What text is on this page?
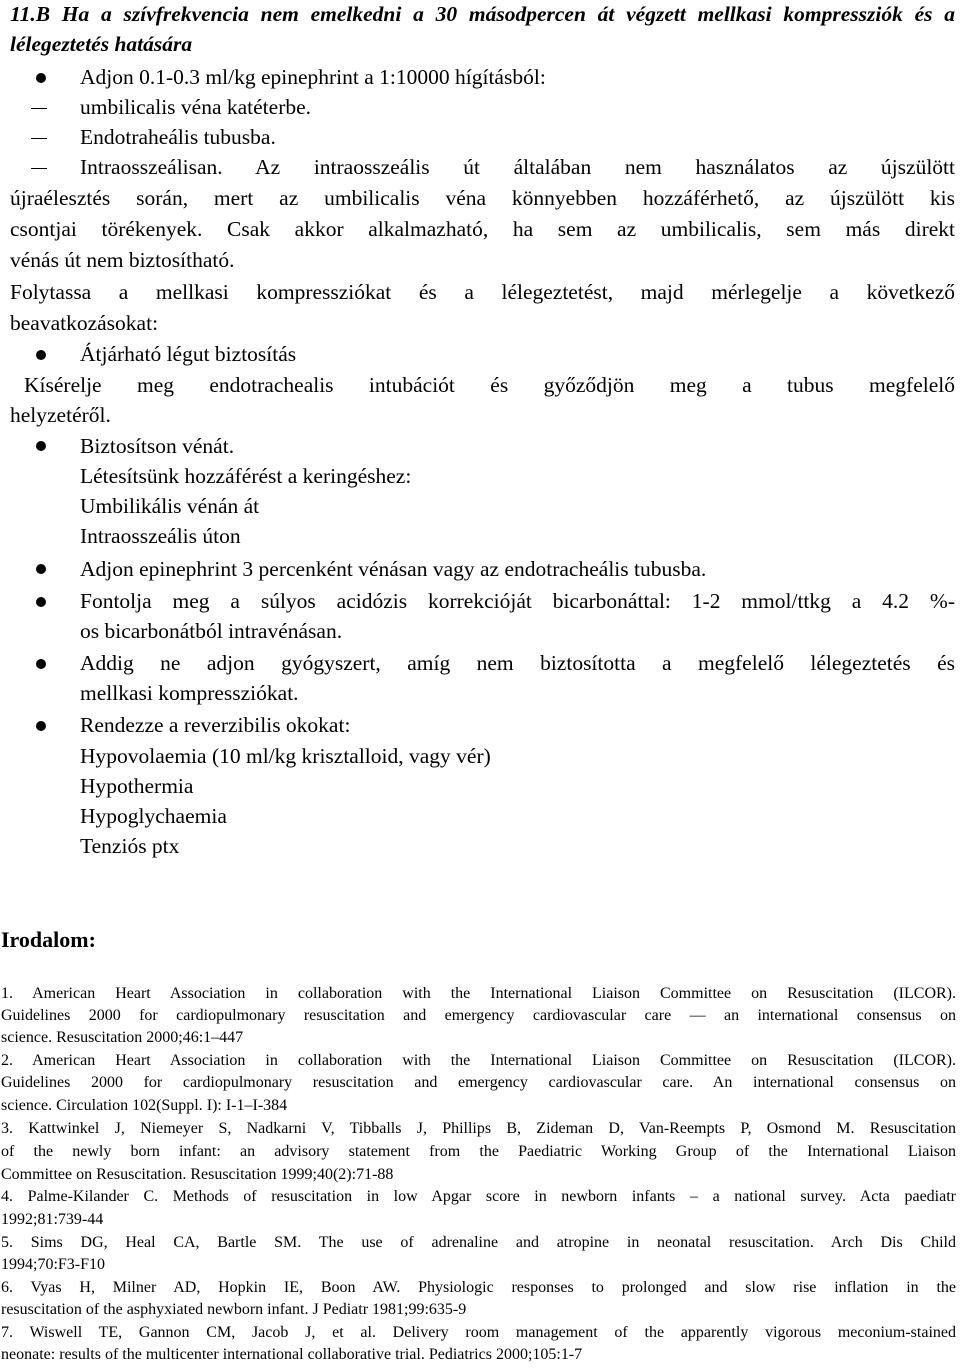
11.B Ha a szívfrekvencia nem emelkedni a 30 másodpercen át végzett mellkasi kompressziók és a lélegeztetés hatására

Adjon 0.1-0.3 ml/kg epinephrint a 1:10000 hígításból:

umbilicalis véna katéterbe.

Endotraheális tubusba.

Intraosszeálisan. Az intraosszeális út általában nem használatos az újszülött

újraélesztés során, mert az umbilicalis véna könnyebben hozzáférhető, az újszülött kis

csontjai törékenyek. Csak akkor alkalmazható, ha sem az umbilicalis, sem más direkt

vénás út nem biztosítható.

Folytassa a mellkasi kompressziókat és a lélegeztetést, majd mérlegelje a következő

beavatkozásokat:

Átjárható légut biztosítás

Kísérelje meg endotrachealis intubációt és győződjön meg a tubus megfelelő

helyzetéről.

Biztosítson vénát.

Létesítsünk hozzáférést a keringéshez:

Umbilikális vénán át

Intraosszeális úton

Adjon epinephrint 3 percenként vénásan vagy az endotracheális tubusba.

Fontolja meg a súlyos acidózis korrekcióját bicarbonáttal: 1-2 mmol/ttkg a 4.2 %-

os bicarbonátból intravénásan.

Addig ne adjon gyógyszert, amíg nem biztosította a megfelelő lélegeztetés és

mellkasi kompressziókat.

Rendezze a reverzibilis okokat:

Hypovolaemia (10 ml/kg krisztalloid, vagy vér)

Hypothermia

Hypoglychaemia

Tenziós ptx

Irodalom:

1. American Heart Association in collaboration with the International Liaison Committee on Resuscitation (ILCOR).

Guidelines 2000 for cardiopulmonary resuscitation and emergency cardiovascular care — an international consensus on

science. Resuscitation 2000;46:1–447

2. American Heart Association in collaboration with the International Liaison Committee on Resuscitation (ILCOR).

Guidelines 2000 for cardiopulmonary resuscitation and emergency cardiovascular care. An international consensus on

science. Circulation 102(Suppl. I): I-1–I-384

3. Kattwinkel J, Niemeyer S, Nadkarni V, Tibballs J, Phillips B, Zideman D, Van-Reempts P, Osmond M. Resuscitation

of the newly born infant: an advisory statement from the Paediatric Working Group of the International Liaison

Committee on Resuscitation. Resuscitation 1999;40(2):71-88

4. Palme-Kilander C. Methods of resuscitation in low Apgar score in newborn infants – a national survey. Acta paediatr

1992;81:739-44

5. Sims DG, Heal CA, Bartle SM. The use of adrenaline and atropine in neonatal resuscitation. Arch Dis Child

1994;70:F3-F10

6. Vyas H, Milner AD, Hopkin IE, Boon AW. Physiologic responses to prolonged and slow rise inflation in the

resuscitation of the asphyxiated newborn infant. J Pediatr 1981;99:635-9

7. Wiswell TE, Gannon CM, Jacob J, et al. Delivery room management of the apparently vigorous meconium-stained

neonate: results of the multicenter international collaborative trial. Pediatrics 2000;105:1-7
